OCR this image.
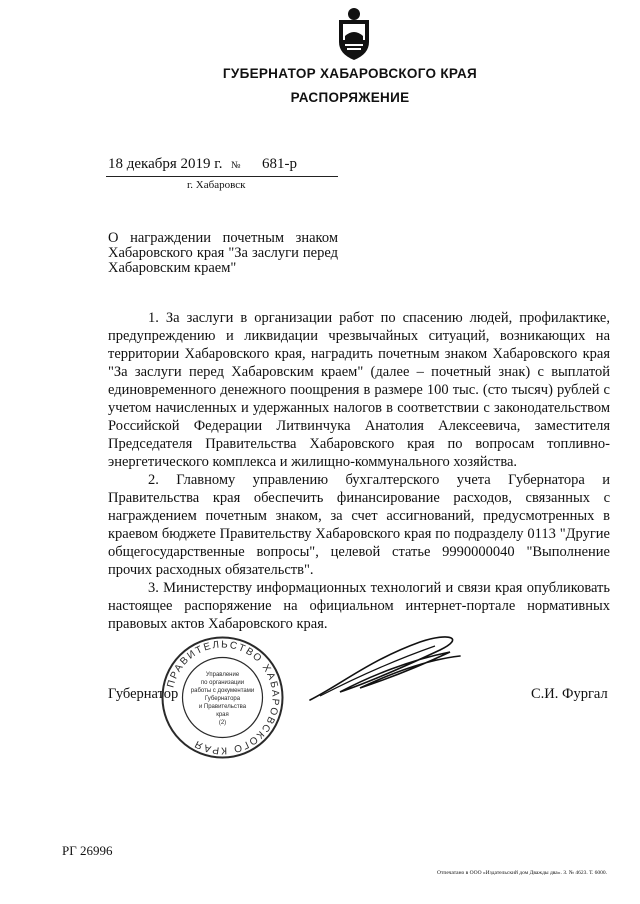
ГУБЕРНАТОР ХАБАРОВСКОГО КРАЯ
РАСПОРЯЖЕНИЕ
18 декабря 2019 г. № 681-р
г. Хабаровск
О награждении почетным знаком Хабаровского края "За заслуги перед Хабаровским краем"

1. За заслуги в организации работ по спасению людей, профилактике, предупреждению и ликвидации чрезвычайных ситуаций, возникающих на территории Хабаровского края, наградить почетным знаком Хабаровского края "За заслуги перед Хабаровским краем" (далее – почетный знак) с выплатой единовременного денежного поощрения в размере 100 тыс. (сто тысяч) рублей с учетом начисленных и удержанных налогов в соответствии с законодательством Российской Федерации Литвинчука Анатолия Алексеевича, заместителя Председателя Правительства Хабаровского края по вопросам топливно-энергетического комплекса и жилищно-коммунального хозяйства.

2. Главному управлению бухгалтерского учета Губернатора и Правительства края обеспечить финансирование расходов, связанных с награждением почетным знаком, за счет ассигнований, предусмотренных в краевом бюджете Правительству Хабаровского края по подразделу 0113 "Другие общегосударственные вопросы", целевой статье 9990000040 "Выполнение прочих расходных обязательств".

3. Министерству информационных технологий и связи края опубликовать настоящее распоряжение на официальном интернет-портале нормативных правовых актов Хабаровского края.

Губернатор	С.И. Фургал
ПРАВИТЕЛЬСТВО ХАБАРОВСКОГО КРАЯ
Управление
по организации
работы с документами
Губернатора
и Правительства
края
(2)
РГ 26996
Отпечатано в ООО «Издательский дом Дважды два». З. № 4623. Т. 6000.
